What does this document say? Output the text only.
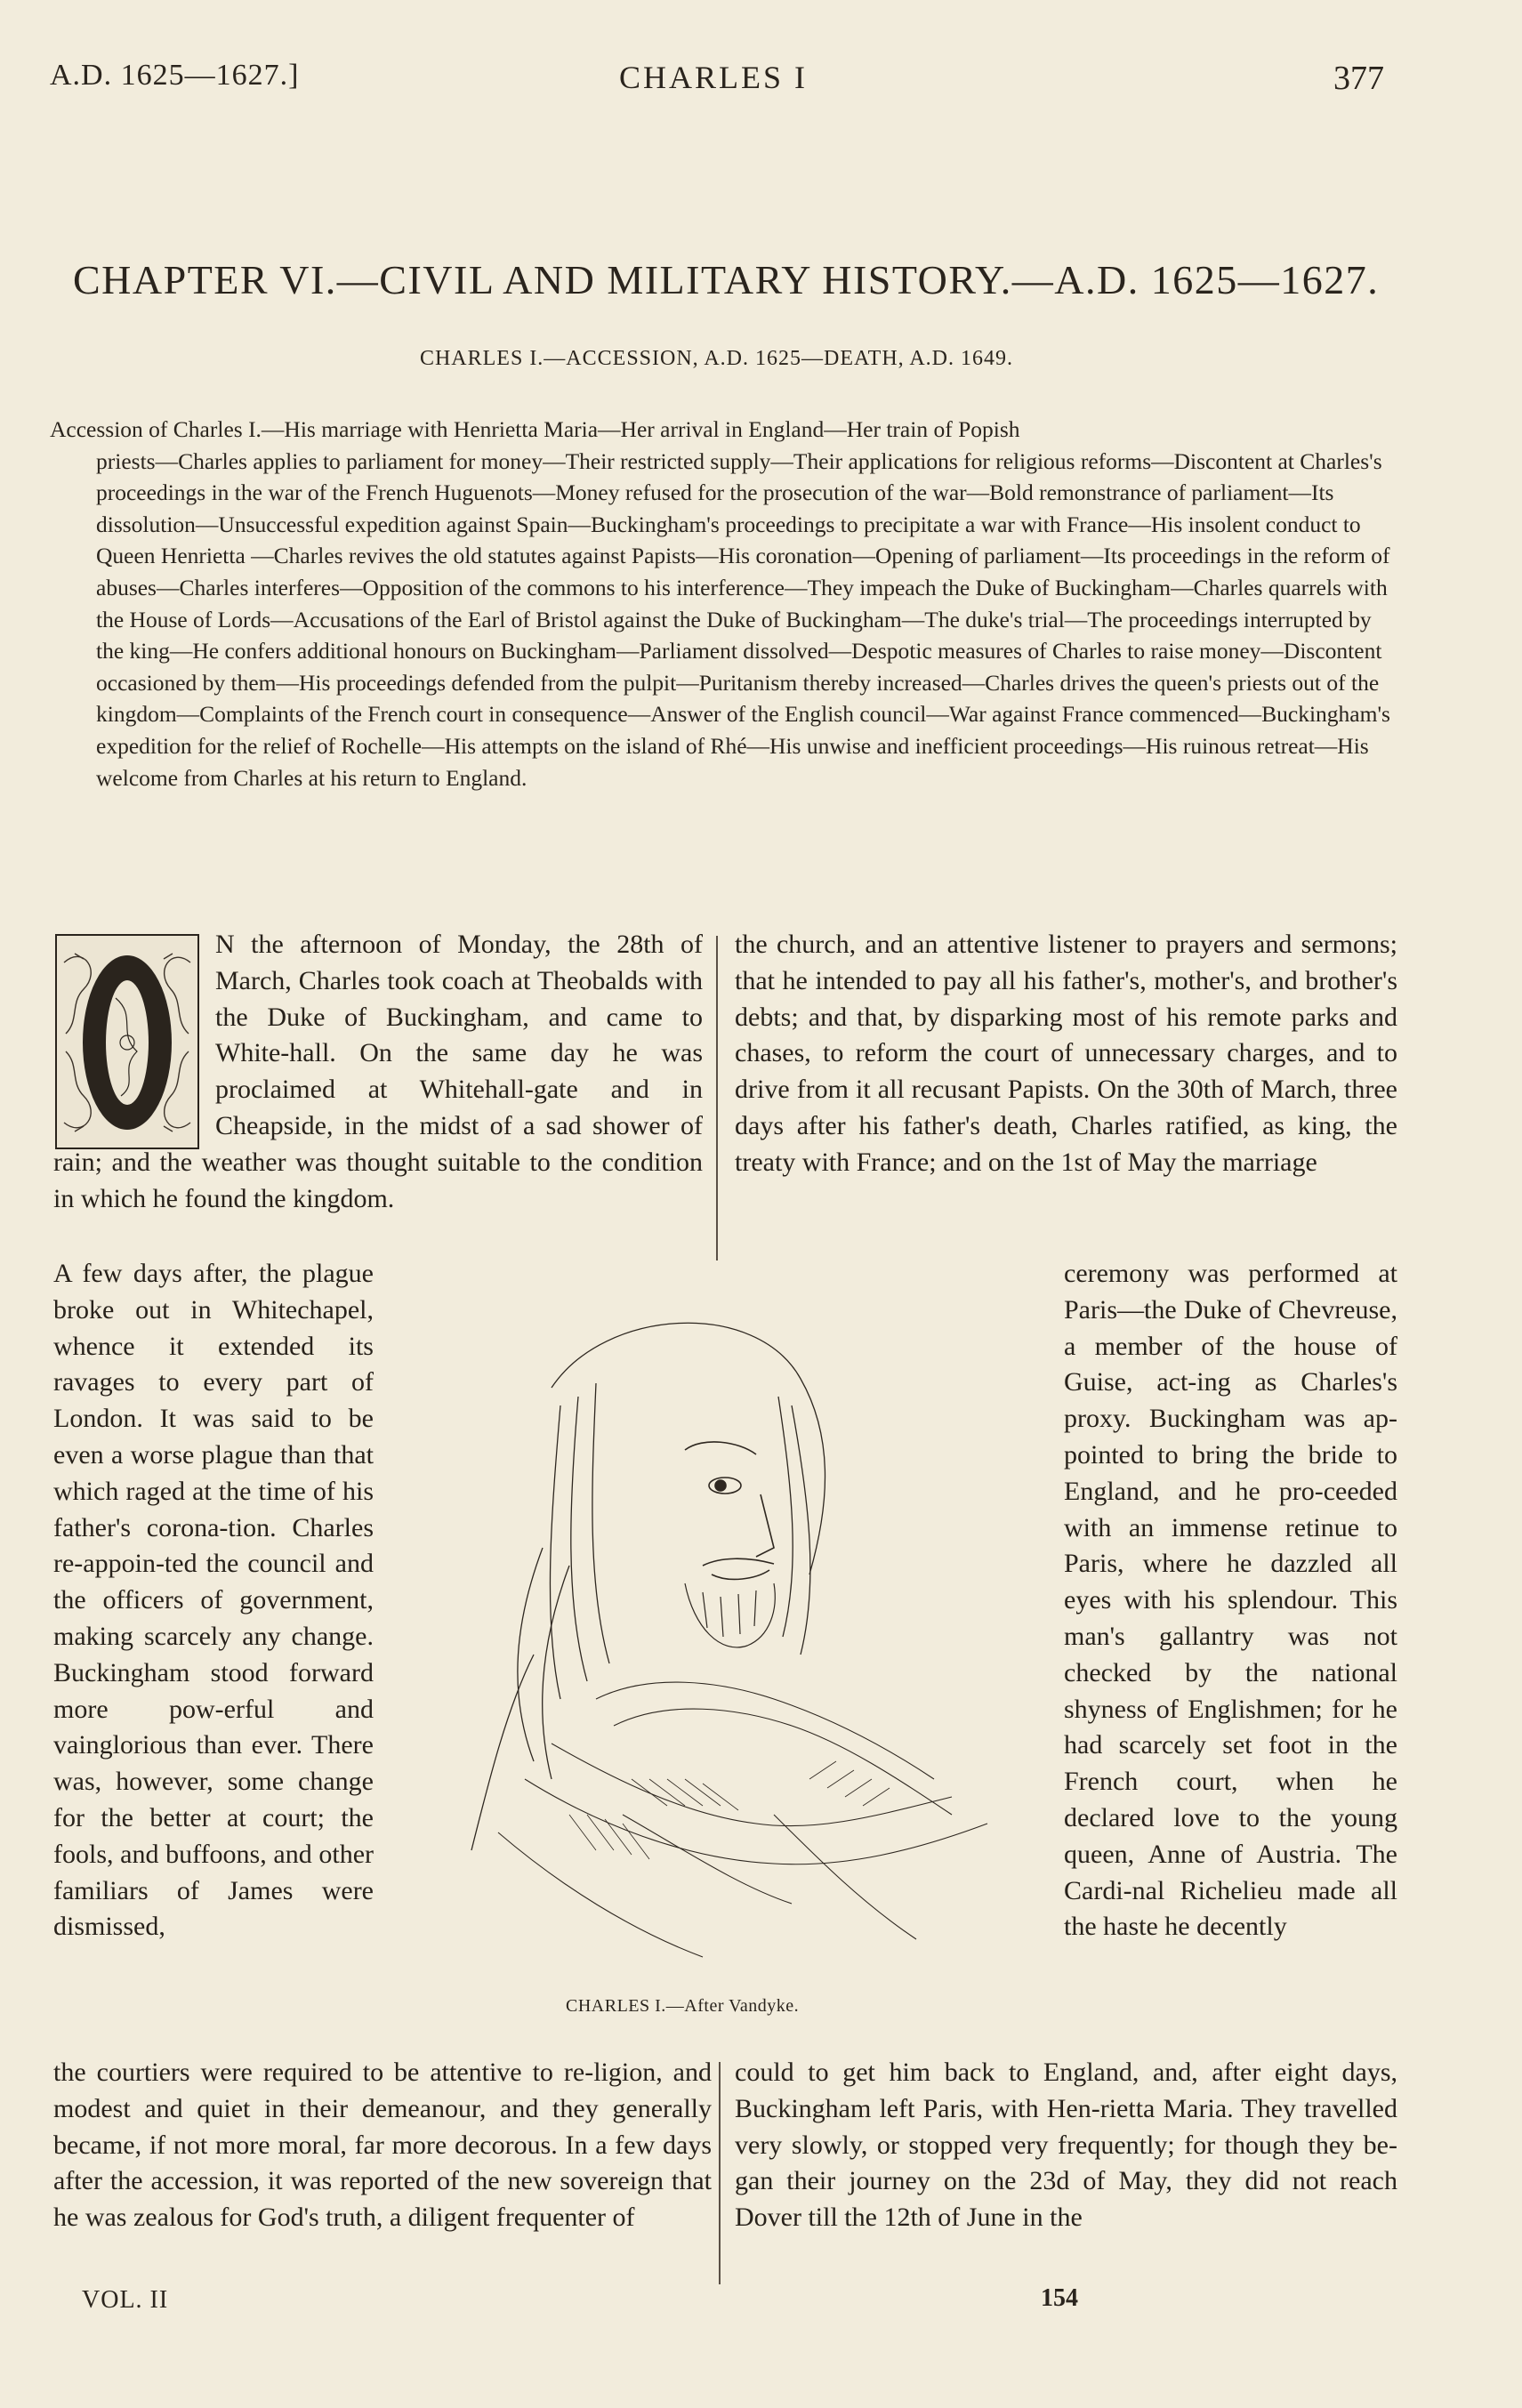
A.D. 1625—1627.]	CHARLES I	377
CHAPTER VI.—CIVIL AND MILITARY HISTORY.—A.D. 1625—1627.
CHARLES I.—ACCESSION, A.D. 1625—DEATH, A.D. 1649.
Accession of Charles I.—His marriage with Henrietta Maria—Her arrival in England—Her train of Popish
priests—Charles applies to parliament for money—Their restricted supply—Their applications for religious reforms—Discontent at Charles's proceedings in the war of the French Huguenots—Money refused for the prosecution of the war—Bold remonstrance of parliament—Its dissolution—Unsuccessful expedition against Spain—Buckingham's proceedings to precipitate a war with France—His insolent conduct to Queen Henrietta —Charles revives the old statutes against Papists—His coronation—Opening of parliament—Its proceedings in the reform of abuses—Charles interferes—Opposition of the commons to his interference—They impeach the Duke of Buckingham—Charles quarrels with the House of Lords—Accusations of the Earl of Bristol against the Duke of Buckingham—The duke's trial—The proceedings interrupted by the king—He confers additional honours on Buckingham—Parliament dissolved—Despotic measures of Charles to raise money—Discontent occasioned by them—His proceedings defended from the pulpit—Puritanism thereby increased—Charles drives the queen's priests out of the kingdom—Complaints of the French court in consequence—Answer of the English council—War against France commenced—Buckingham's expedition for the relief of Rochelle—His attempts on the island of Rhé—His unwise and inefficient proceedings—His ruinous retreat—His welcome from Charles at his return to England.
N the afternoon of Monday, the 28th of March, Charles took coach at Theobalds with the Duke of Buckingham, and came to White-hall. On the same day he was proclaimed at Whitehall-gate and in Cheapside, in the midst of a sad shower of rain; and the weather was thought suitable to the condition in which he found the kingdom.
the church, and an attentive listener to prayers and sermons; that he intended to pay all his father's, mother's, and brother's debts; and that, by disparking most of his remote parks and chases, to reform the court of unnecessary charges, and to drive from it all recusant Papists. On the 30th of March, three days after his father's death, Charles ratified, as king, the treaty with France; and on the 1st of May the marriage
A few days after, the plague broke out in Whitechapel, whence it extended its ravages to every part of London. It was said to be even a worse plague than that which raged at the time of his father's corona-tion. Charles re-appoin-ted the council and the officers of government, making scarcely any change. Buckingham stood forward more pow-erful and vainglorious than ever. There was, however, some change for the better at court; the fools, and buffoons, and other familiars of James were dismissed,
ceremony was performed at Paris—the Duke of Chevreuse, a member of the house of Guise, act-ing as Charles's proxy. Buckingham was ap-pointed to bring the bride to England, and he pro-ceeded with an immense retinue to Paris, where he dazzled all eyes with his splendour. This man's gallantry was not checked by the national shyness of Englishmen; for he had scarcely set foot in the French court, when he declared love to the young queen, Anne of Austria. The Cardi-nal Richelieu made all the haste he decently
CHARLES I.—After Vandyke.
the courtiers were required to be attentive to re-ligion, and modest and quiet in their demeanour, and they generally became, if not more moral, far more decorous. In a few days after the accession, it was reported of the new sovereign that he was zealous for God's truth, a diligent frequenter of
could to get him back to England, and, after eight days, Buckingham left Paris, with Hen-rietta Maria. They travelled very slowly, or stopped very frequently; for though they be-gan their journey on the 23d of May, they did not reach Dover till the 12th of June in the
VOL. II	154
